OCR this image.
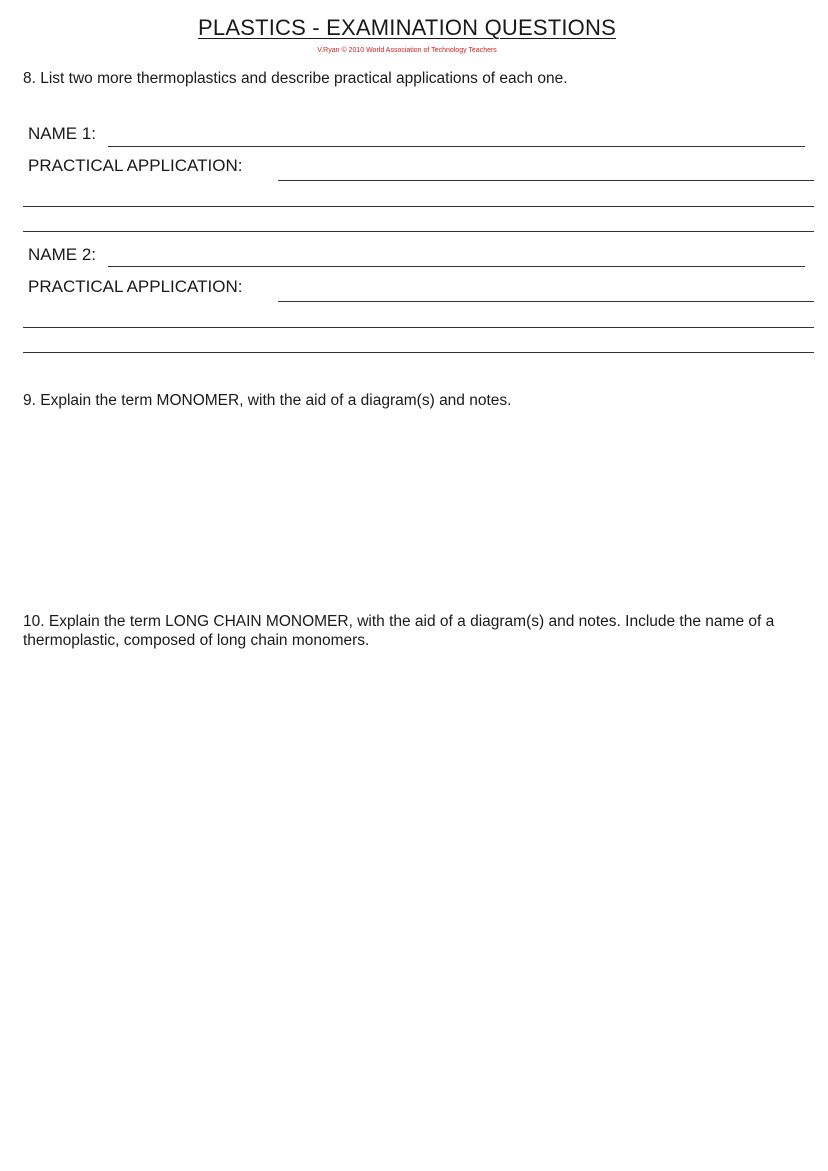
PLASTICS - EXAMINATION QUESTIONS
V.Ryan © 2010 World Association of Technology Teachers

8. List two more thermoplastics and describe practical applications of each one.

NAME 1:
PRACTICAL APPLICATION:
NAME 2:
PRACTICAL APPLICATION:

9. Explain the term MONOMER, with the aid of a diagram(s) and notes.

10. Explain the term LONG CHAIN MONOMER, with the aid of a diagram(s) and notes. Include the name of a
thermoplastic, composed of long chain monomers.
